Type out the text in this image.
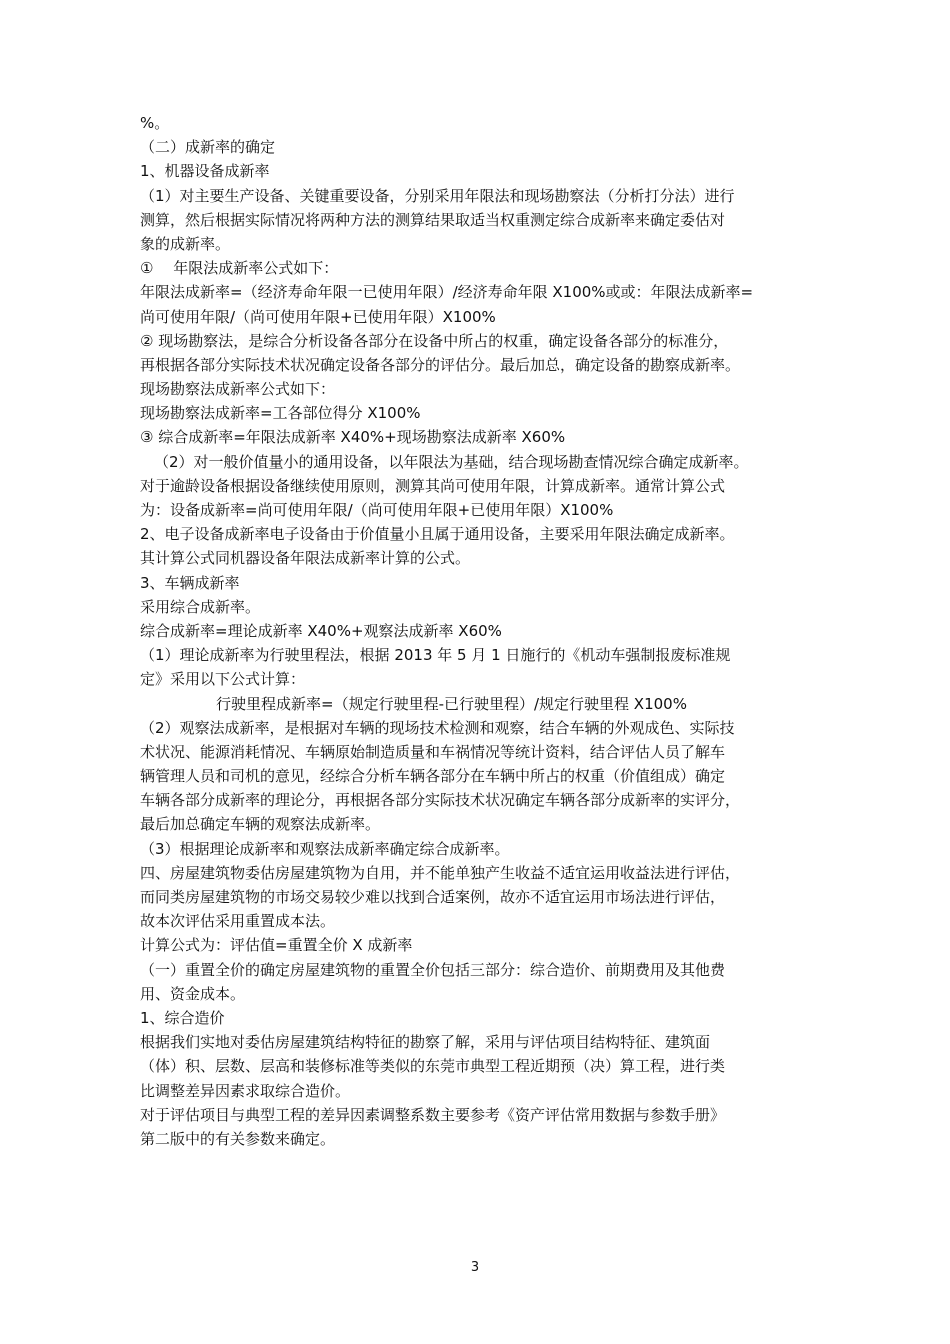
%。
（二）成新率的确定
1、机器设备成新率
（1）对主要生产设备、关键重要设备，分别采用年限法和现场勘察法（分析打分法）进行
测算，然后根据实际情况将两种方法的测算结果取适当权重测定综合成新率来确定委估对
象的成新率。
①　 年限法成新率公式如下：
年限法成新率=（经济寿命年限一已使用年限）/经济寿命年限 X100%或或：年限法成新率=
尚可使用年限/（尚可使用年限+已使用年限）X100%
② 现场勘察法，是综合分析设备各部分在设备中所占的权重，确定设备各部分的标准分，
再根据各部分实际技术状况确定设备各部分的评估分。最后加总，确定设备的勘察成新率。
现场勘察法成新率公式如下：
现场勘察法成新率=工各部位得分 X100%
③ 综合成新率=年限法成新率 X40%+现场勘察法成新率 X60%
（2）对一般价值量小的通用设备，以年限法为基础，结合现场勘查情况综合确定成新率。
对于逾龄设备根据设备继续使用原则，测算其尚可使用年限，计算成新率。通常计算公式
为：设备成新率=尚可使用年限/（尚可使用年限+已使用年限）X100%
2、电子设备成新率电子设备由于价值量小且属于通用设备，主要采用年限法确定成新率。
其计算公式同机器设备年限法成新率计算的公式。
3、车辆成新率
采用综合成新率。
综合成新率=理论成新率 X40%+观察法成新率 X60%
（1）理论成新率为行驶里程法，根据 2013 年 5 月 1 日施行的《机动车强制报废标准规
定》采用以下公式计算：
行驶里程成新率=（规定行驶里程-已行驶里程）/规定行驶里程 X100%
（2）观察法成新率，是根据对车辆的现场技术检测和观察，结合车辆的外观成色、实际技
术状况、能源消耗情况、车辆原始制造质量和车祸情况等统计资料，结合评估人员了解车
辆管理人员和司机的意见，经综合分析车辆各部分在车辆中所占的权重（价值组成）确定
车辆各部分成新率的理论分，再根据各部分实际技术状况确定车辆各部分成新率的实评分，
最后加总确定车辆的观察法成新率。
（3）根据理论成新率和观察法成新率确定综合成新率。
四、房屋建筑物委估房屋建筑物为自用，并不能单独产生收益不适宜运用收益法进行评估，
而同类房屋建筑物的市场交易较少难以找到合适案例，故亦不适宜运用市场法进行评估，
故本次评估采用重置成本法。
计算公式为：评估值=重置全价 X 成新率
（一）重置全价的确定房屋建筑物的重置全价包括三部分：综合造价、前期费用及其他费
用、资金成本。
1、综合造价
根据我们实地对委估房屋建筑结构特征的勘察了解，采用与评估项目结构特征、建筑面
（体）积、层数、层高和装修标准等类似的东莞市典型工程近期预（决）算工程，进行类
比调整差异因素求取综合造价。
对于评估项目与典型工程的差异因素调整系数主要参考《资产评估常用数据与参数手册》
第二版中的有关参数来确定。
3
